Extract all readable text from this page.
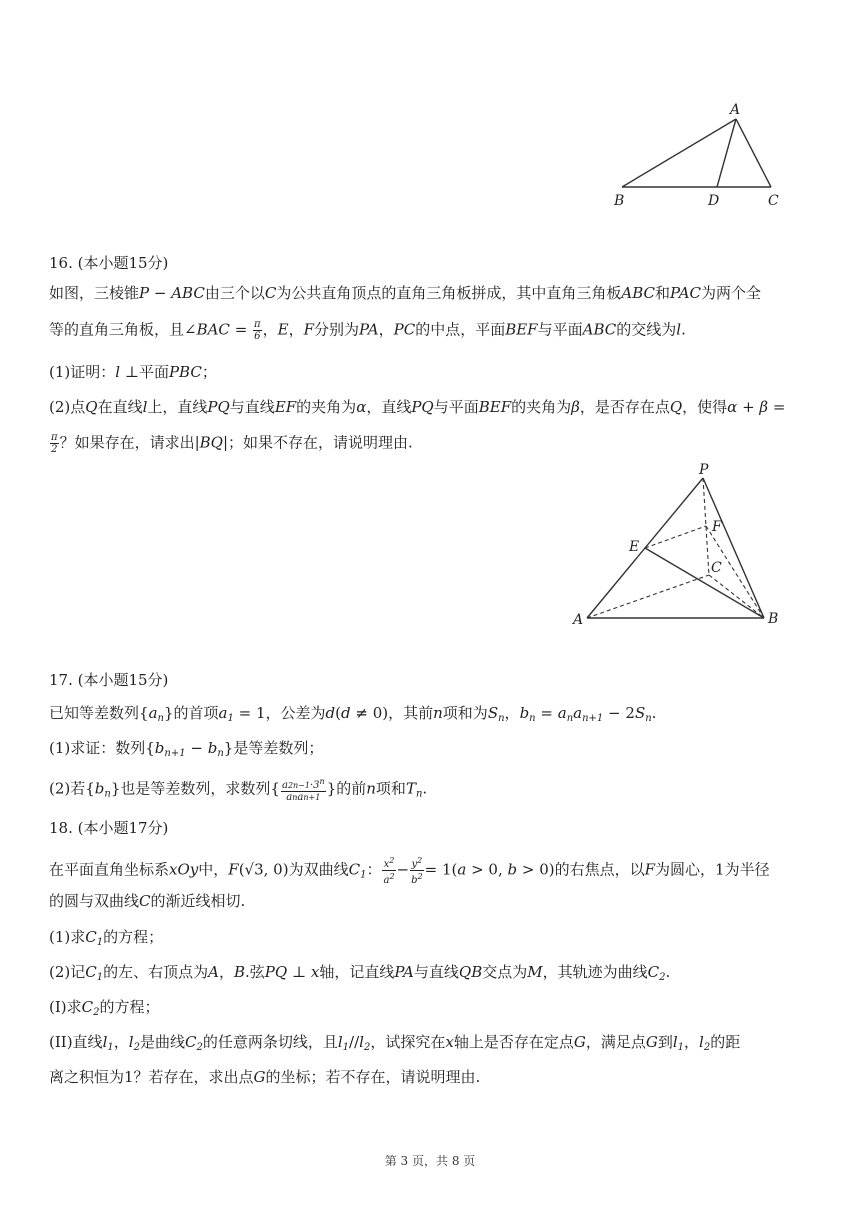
A
B	D	C
16. (本小题15分)
如图，三棱锥P − ABC由三个以C为公共直角顶点的直角三角板拼成，其中直角三角板ABC和PAC为两个全
等的直角三角板，且∠BAC = $\frac{\pi}{6}$ ，E，F分别为PA，PC的中点，平面BEF与平面ABC的交线为l.
(1)证明：l ⊥平面PBC；
(2)点Q在直线l上，直线PQ与直线EF的夹角为α，直线PQ与平面BEF的夹角为β，是否存在点Q，使得α + β =
$\frac{\pi}{2}$ ？如果存在，请求出|BQ|；如果不存在，请说明理由.
P
E
F
C
A	B
17. (本小题15分)
已知等差数列$\{a_n\}$的首项$a_1 = 1$，公差为d(d ≠ 0)，其前n项和为$S_n$，$b_n = a_na_{n+1} - 2S_n$.
(1)求证：数列$\{b_{n+1} - b_n\}$是等差数列；
(2)若$\{b_n\}$也是等差数列，求数列{ $\frac{a2n-1\cdot 3^n}{\text{anan+1}}$ }的前n项和$T_n$.
18. (本小题17分)
在平面直角坐标系xOy中，F(√3, 0)为双曲线$C_1$： $\frac{x^2}{a^2} - \frac{y^2}{b^2} = 1(a > 0$, b > 0)的右焦点，以F为圆心，1为半径
的圆与双曲线C的渐近线相切.
(1)求$C_1$的方程；
(2)记$C_1$的左、右顶点为A，B.弦PQ ⊥ x轴，记直线PA与直线QB交点为M，其轨迹为曲线$C_2$.
(I)求$C_2$的方程；
(II)直线$l_1$，$l_2$是曲线$C_2$的任意两条切线，且$l_1//l_2$，试探究在x轴上是否存在定点G，满足点G到$l_1$，$l_2$的距
离之积恒为1？若存在，求出点G的坐标；若不存在，请说明理由.
第 3 页，共 8 页
